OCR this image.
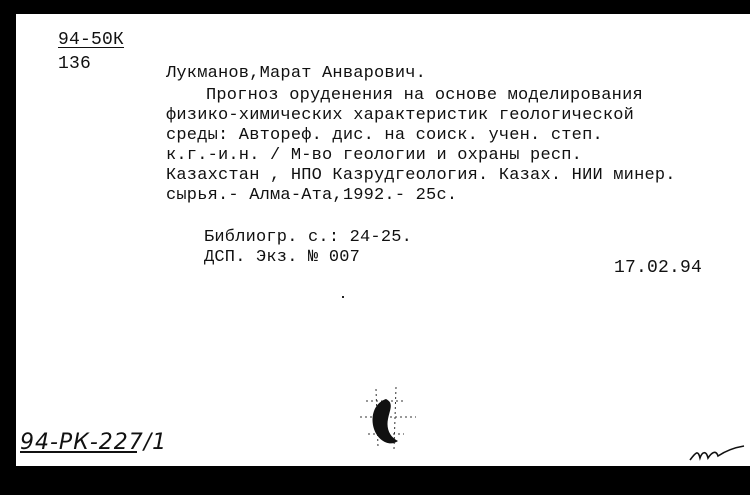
94-50К
136	Лукманов,Марат Анварович.
Прогноз оруденения на основе моделирования
физико-химических характеристик геологической
среды: Автореф. дис. на соиск. учен. степ.
к.г.-и.н. / М-во геологии и охраны респ.
Казахстан , НПО Казрудгеология. Казах. НИИ минер.
сырья.- Алма-Ата,1992.- 25с.
Библиогр. с.: 24-25.
ДСП. Экз. № 007
17.02.94
94-РК-227/1
